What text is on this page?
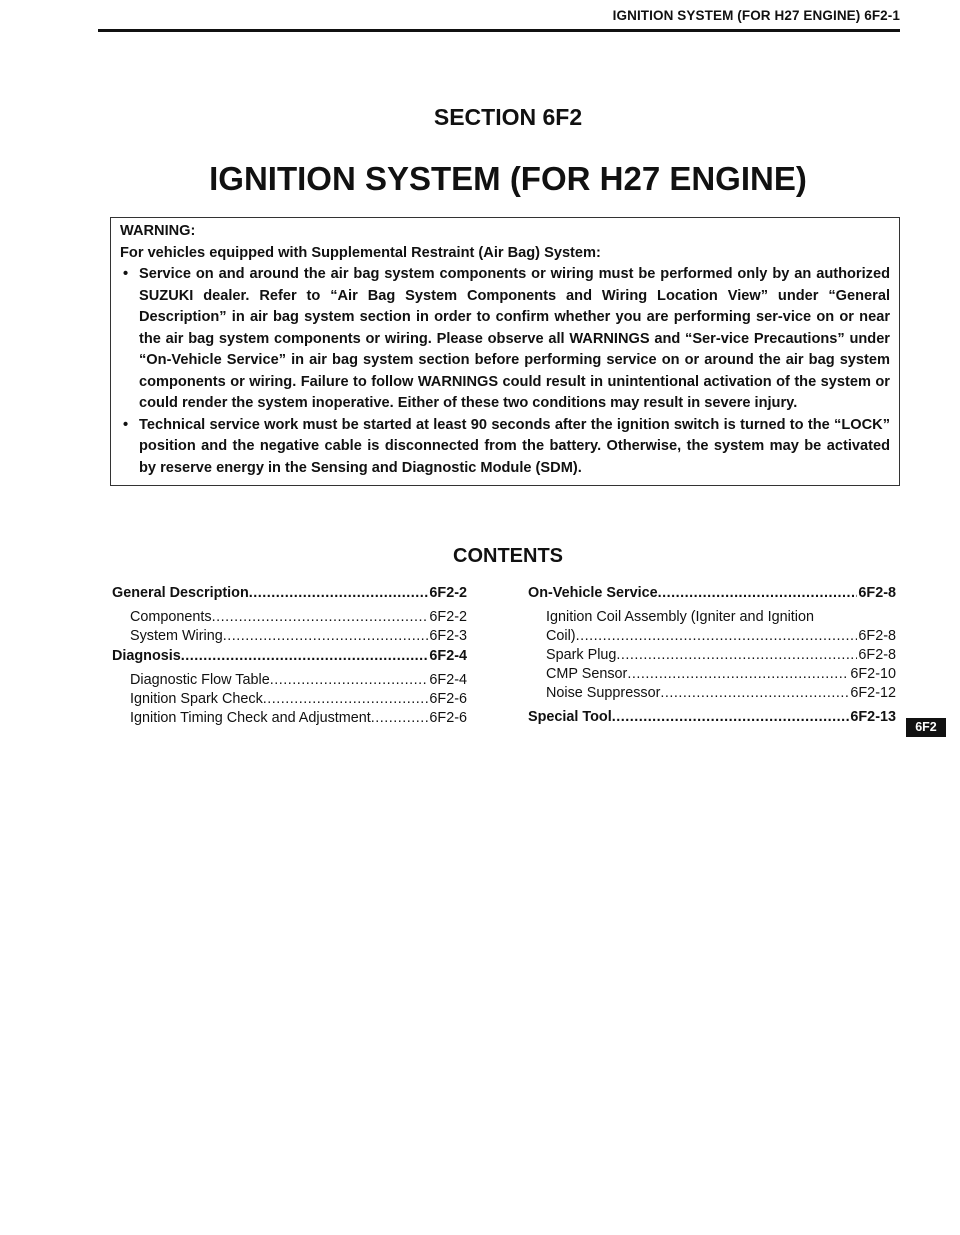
IGNITION SYSTEM (FOR H27 ENGINE) 6F2-1
SECTION 6F2
IGNITION SYSTEM (FOR H27 ENGINE)

WARNING:

For vehicles equipped with Supplemental Restraint (Air Bag) System:

• Service on and around the air bag system components or wiring must be performed only by an authorized SUZUKI dealer. Refer to “Air Bag System Components and Wiring Location View” under “General Description” in air bag system section in order to confirm whether you are performing ser-vice on or near the air bag system components or wiring. Please observe all WARNINGS and “Ser-vice Precautions” under “On-Vehicle Service” in air bag system section before performing service on or around the air bag system components or wiring. Failure to follow WARNINGS could result in unintentional activation of the system or could render the system inoperative. Either of these two conditions may result in severe injury.
• Technical service work must be started at least 90 seconds after the ignition switch is turned to the “LOCK” position and the negative cable is disconnected from the battery. Otherwise, the system may be activated by reserve energy in the Sensing and Diagnostic Module (SDM).
CONTENTS
General Description .....	6F2-2
Components .....	6F2-2
System Wiring .....	6F2-3
Diagnosis .....	6F2-4
Diagnostic Flow Table .....	6F2-4
Ignition Spark Check .....	6F2-6
Ignition Timing Check and Adjustment .....	6F2-6
On-Vehicle Service .....	6F2-8
Ignition Coil Assembly (Igniter and Ignition
Coil) .....	6F2-8
Spark Plug .....	6F2-8
CMP Sensor .....	6F2-10
Noise Suppressor .....	6F2-12
Special Tool .....	6F2-13
6F2
